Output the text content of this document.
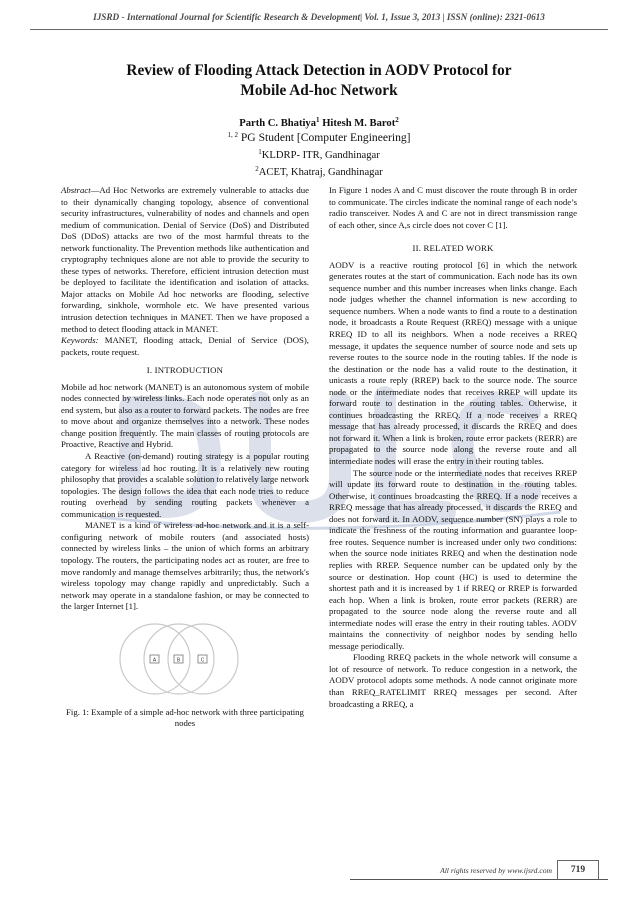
IJSRD - International Journal for Scientific Research & Development| Vol. 1, Issue 3, 2013 | ISSN (online): 2321-0613
Review of Flooding Attack Detection in AODV Protocol for
Mobile Ad-hoc Network
Parth C. Bhatiya$^1$ Hitesh M. Barot$^2$
$^{1, 2}$ PG Student [Computer Engineering]
$^1$KLDRP- ITR, Gandhinagar
$^2$ACET, Khatraj, Gandhinagar

Abstract—Ad Hoc Networks are extremely vulnerable to attacks due to their dynamically changing topology, absence of conventional security infrastructures, vulnerability of nodes and channels and open medium of communication. Denial of Service (DoS) and Distributed DoS (DDoS) attacks are two of the most harmful threats to the network functionality. The Prevention methods like authentication and cryptography techniques alone are not able to provide the security to these types of networks. Therefore, efficient intrusion detection must be deployed to facilitate the identification and isolation of attacks. Major attacks on Mobile Ad hoc networks are flooding, selective forwarding, sinkhole, wormhole etc. We have presented various intrusion detection techniques in MANET. Then we have proposed a method to detect flooding attack in MANET.

Keywords: MANET, flooding attack, Denial of Service (DOS), packets, route request.

I. INTRODUCTION

Mobile ad hoc network (MANET) is an autonomous system of mobile nodes connected by wireless links. Each node operates not only as an end system, but also as a router to forward packets. The nodes are free to move about and organize themselves into a network. These nodes change position frequently. The main classes of routing protocols are Proactive, Reactive and Hybrid.

A Reactive (on-demand) routing strategy is a popular routing category for wireless ad hoc routing. It is a relatively new routing philosophy that provides a scalable solution to relatively large network topologies. The design follows the idea that each node tries to reduce routing overhead by sending routing packets whenever a communication is requested.

MANET is a kind of wireless ad-hoc network and it is a self-configuring network of mobile routers (and associated hosts) connected by wireless links – the union of which forms an arbitrary topology. The routers, the participating nodes act as router, are free to move randomly and manage themselves arbitrarily; thus, the network's wireless topology may change rapidly and unpredictably. Such a network may operate in a standalone fashion, or may be connected to the larger Internet [1].

A	B	C
Fig. 1: Example of a simple ad-hoc network with three participating nodes

In Figure 1 nodes A and C must discover the route through B in order to communicate. The circles indicate the nominal range of each node’s radio transceiver. Nodes A and C are not in direct transmission range of each other, since A,s circle does not cover C [1].

II. RELATED WORK

AODV is a reactive routing protocol [6] in which the network generates routes at the start of communication. Each node has its own sequence number and this number increases when links change. Each node judges whether the channel information is new according to sequence numbers. When a node wants to find a route to a destination node, it broadcasts a Route Request (RREQ) message with a unique RREQ ID to all its neighbors. When a node receives a RREQ message, it updates the sequence number of source node and sets up reverse routes to the source node in the routing tables. If the node is the destination or the node has a valid route to the destination, it unicasts a route reply (RREP) back to the source node. The source node or the intermediate nodes that receives RREP will update its forward route to destination in the routing tables. Otherwise, it continues broadcasting the RREQ. If a node receives a RREQ message that has already processed, it discards the RREQ and does not forward it. When a link is broken, route error packets (RERR) are propagated to the source node along the reverse route and all intermediate nodes will erase the entry in their routing tables.

The source node or the intermediate nodes that receives RREP will update its forward route to destination in the routing tables. Otherwise, it continues broadcasting the RREQ. If a node receives a RREQ message that has already processed, it discards the RREQ and does not forward it. In AODV, sequence number (SN) plays a role to indicate the freshness of the routing information and guarantee loop-free routes. Sequence number is increased under only two conditions: when the source node initiates RREQ and when the destination node replies with RREP. Sequence number can be updated only by the source or destination. Hop count (HC) is used to determine the shortest path and it is increased by 1 if RREQ or RREP is forwarded each hop. When a link is broken, route error packets (RERR) are propagated to the source node along the reverse route and all intermediate nodes will erase the entry in their routing tables. AODV maintains the connectivity of neighbor nodes by sending hello message periodically.

Flooding RREQ packets in the whole network will consume a lot of resource of network. To reduce congestion in a network, the AODV protocol adopts some methods. A node cannot originate more than RREQ_RATELIMIT RREQ messages per second. After broadcasting a RREQ, a

All rights reserved by www.ijsrd.com	719
